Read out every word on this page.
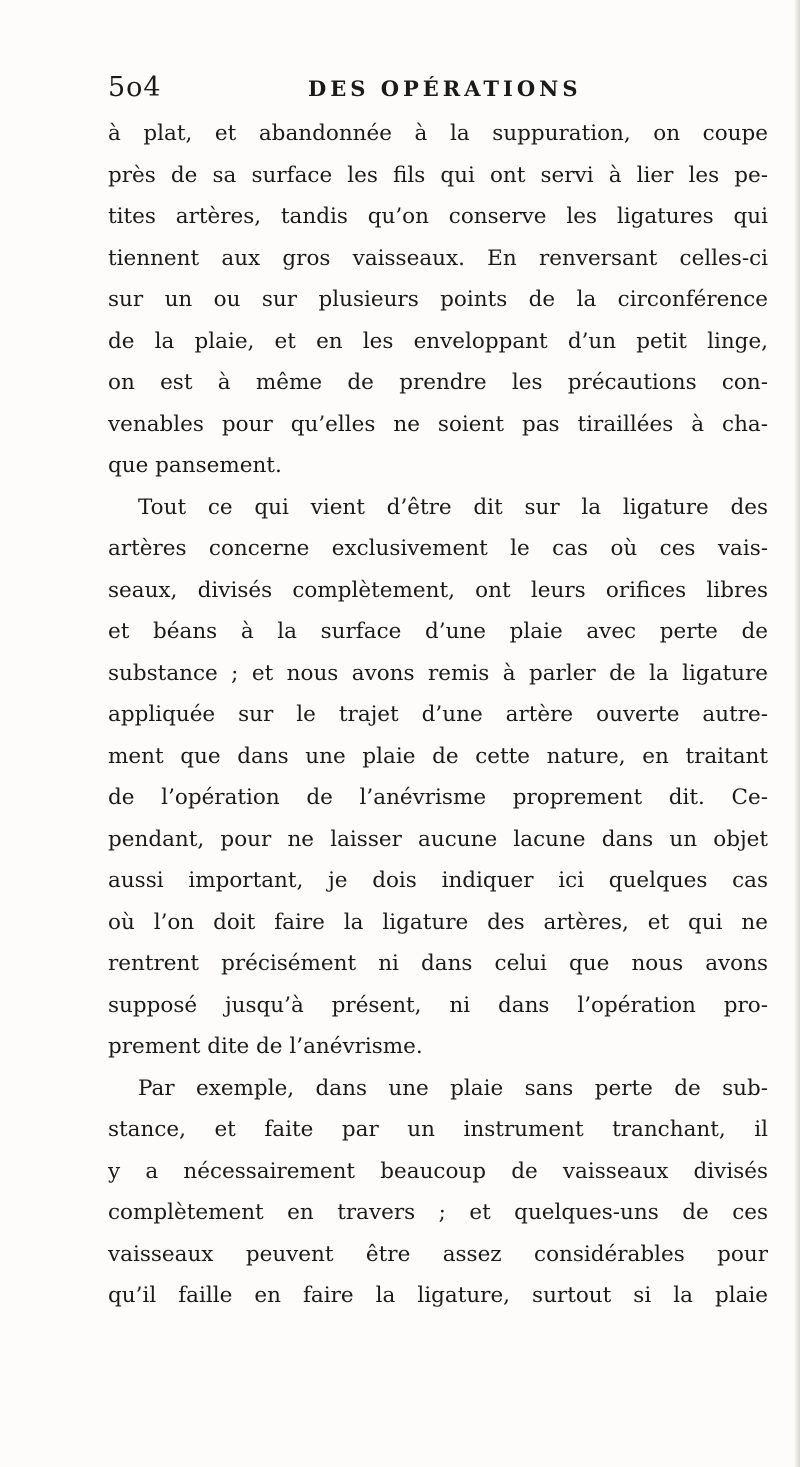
5o4	DES OPÉRATIONS
à plat, et abandonnée à la suppuration, on coupe
près de sa surface les fils qui ont servi à lier les pe-
tites artères, tandis qu’on conserve les ligatures qui
tiennent aux gros vaisseaux. En renversant celles-ci
sur un ou sur plusieurs points de la circonférence
de la plaie, et en les enveloppant d’un petit linge,
on est à même de prendre les précautions con-
venables pour qu’elles ne soient pas tiraillées à cha-
que pansement.
Tout ce qui vient d’être dit sur la ligature des
artères concerne exclusivement le cas où ces vais-
seaux, divisés complètement, ont leurs orifices libres
et béans à la surface d’une plaie avec perte de
substance ; et nous avons remis à parler de la ligature
appliquée sur le trajet d’une artère ouverte autre-
ment que dans une plaie de cette nature, en traitant
de l’opération de l’anévrisme proprement dit. Ce-
pendant, pour ne laisser aucune lacune dans un objet
aussi important, je dois indiquer ici quelques cas
où l’on doit faire la ligature des artères, et qui ne
rentrent précisément ni dans celui que nous avons
supposé jusqu’à présent, ni dans l’opération pro-
prement dite de l’anévrisme.
Par exemple, dans une plaie sans perte de sub-
stance, et faite par un instrument tranchant, il
y a nécessairement beaucoup de vaisseaux divisés
complètement en travers ; et quelques-uns de ces
vaisseaux peuvent être assez considérables pour
qu’il faille en faire la ligature, surtout si la plaie
